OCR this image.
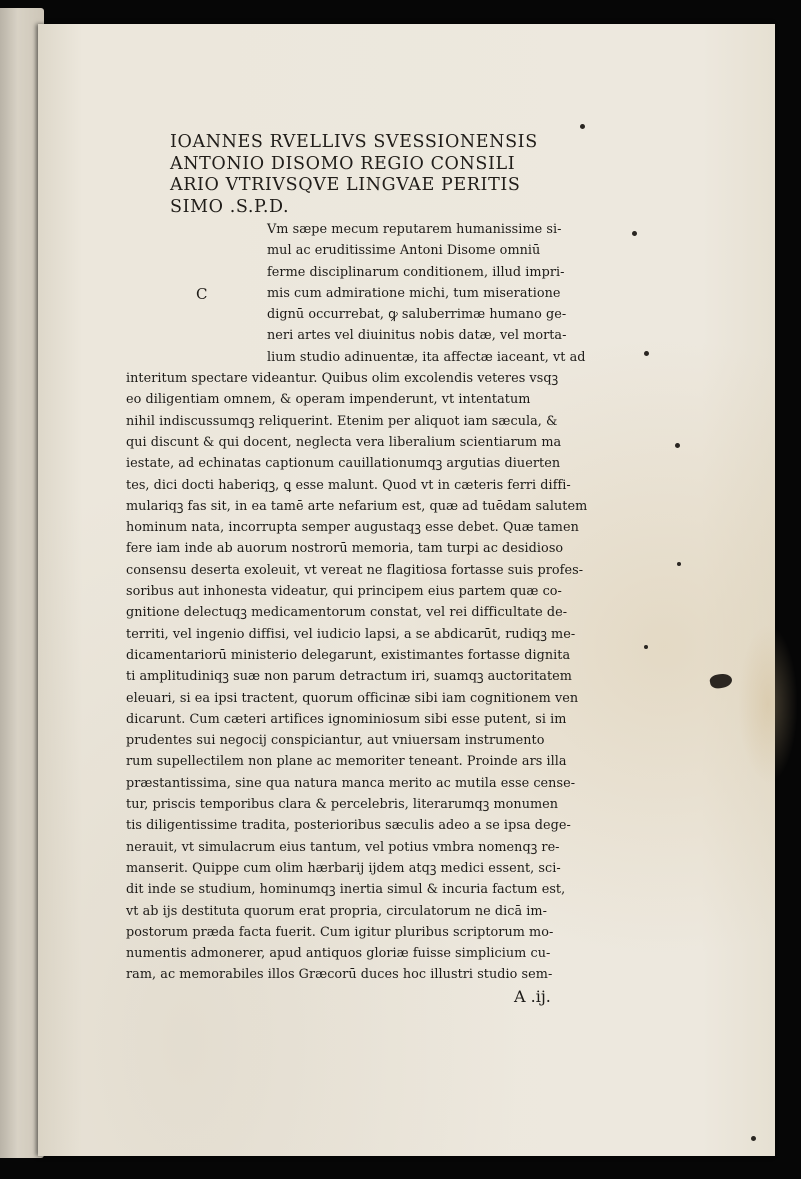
IOANNES RVELLIVS SVESSIONENSIS
ANTONIO DISOMO REGIO CONSILI
ARIO VTRIVSQVE LINGVAE PERITIS
SIMO .S.P.D.
C
Vm sæpe mecum reputarem humanissime si-
mul ac eruditissime Antoni Disome omniū
ferme disciplinarum conditionem, illud impri-
mis cum admiratione michi, tum miseratione
dignū occurrebat, ꝙ saluberrimæ humano ge-
neri artes vel diuinitus nobis datæ, vel morta-
lium studio adinuentæ, ita affectæ iaceant, vt ad
interitum spectare videantur. Quibus olim excolendis veteres vsqꝫ
eo diligentiam omnem, & operam impenderunt, vt intentatum
nihil indiscussumqꝫ reliquerint. Etenim per aliquot iam sæcula, &
qui discunt & qui docent, neglecta vera liberalium scientiarum ma
iestate, ad echinatas captionum cauillationumqꝫ argutias diuerten
tes, dici docti haberiqꝫ, ꝗ esse malunt. Quod vt in cæteris ferri diffi-
mulariqꝫ fas sit, in ea tamē arte nefarium est, quæ ad tuēdam salutem
hominum nata, incorrupta semper augustaqꝫ esse debet. Quæ tamen
fere iam inde ab auorum nostrorū memoria, tam turpi ac desidioso
consensu deserta exoleuit, vt vereat ne flagitiosa fortasse suis profes-
soribus aut inhonesta videatur, qui principem eius partem quæ co-
gnitione delectuqꝫ medicamentorum constat, vel rei difficultate de-
territi, vel ingenio diffisi, vel iudicio lapsi, a se abdicarūt, rudiqꝫ me-
dicamentariorū ministerio delegarunt, existimantes fortasse dignita
ti amplitudiniqꝫ suæ non parum detractum iri, suamqꝫ auctoritatem
eleuari, si ea ipsi tractent, quorum officinæ sibi iam cognitionem ven
dicarunt. Cum cæteri artifices ignominiosum sibi esse putent, si im
prudentes sui negocij conspiciantur, aut vniuersam instrumento
rum supellectilem non plane ac memoriter teneant. Proinde ars illa
præstantissima, sine qua natura manca merito ac mutila esse cense-
tur, priscis temporibus clara & percelebris, literarumqꝫ monumen
tis diligentissime tradita, posterioribus sæculis adeo a se ipsa dege-
nerauit, vt simulacrum eius tantum, vel potius vmbra nomenqꝫ re-
manserit. Quippe cum olim hærbarij ijdem atqꝫ medici essent, sci-
dit inde se studium, hominumqꝫ inertia simul & incuria factum est,
vt ab ijs destituta quorum erat propria, circulatorum ne dicā im-
postorum præda facta fuerit. Cum igitur pluribus scriptorum mo-
numentis admonerer, apud antiquos gloriæ fuisse simplicium cu-
ram, ac memorabiles illos Græcorū duces hoc illustri studio sem-
A .ij.
